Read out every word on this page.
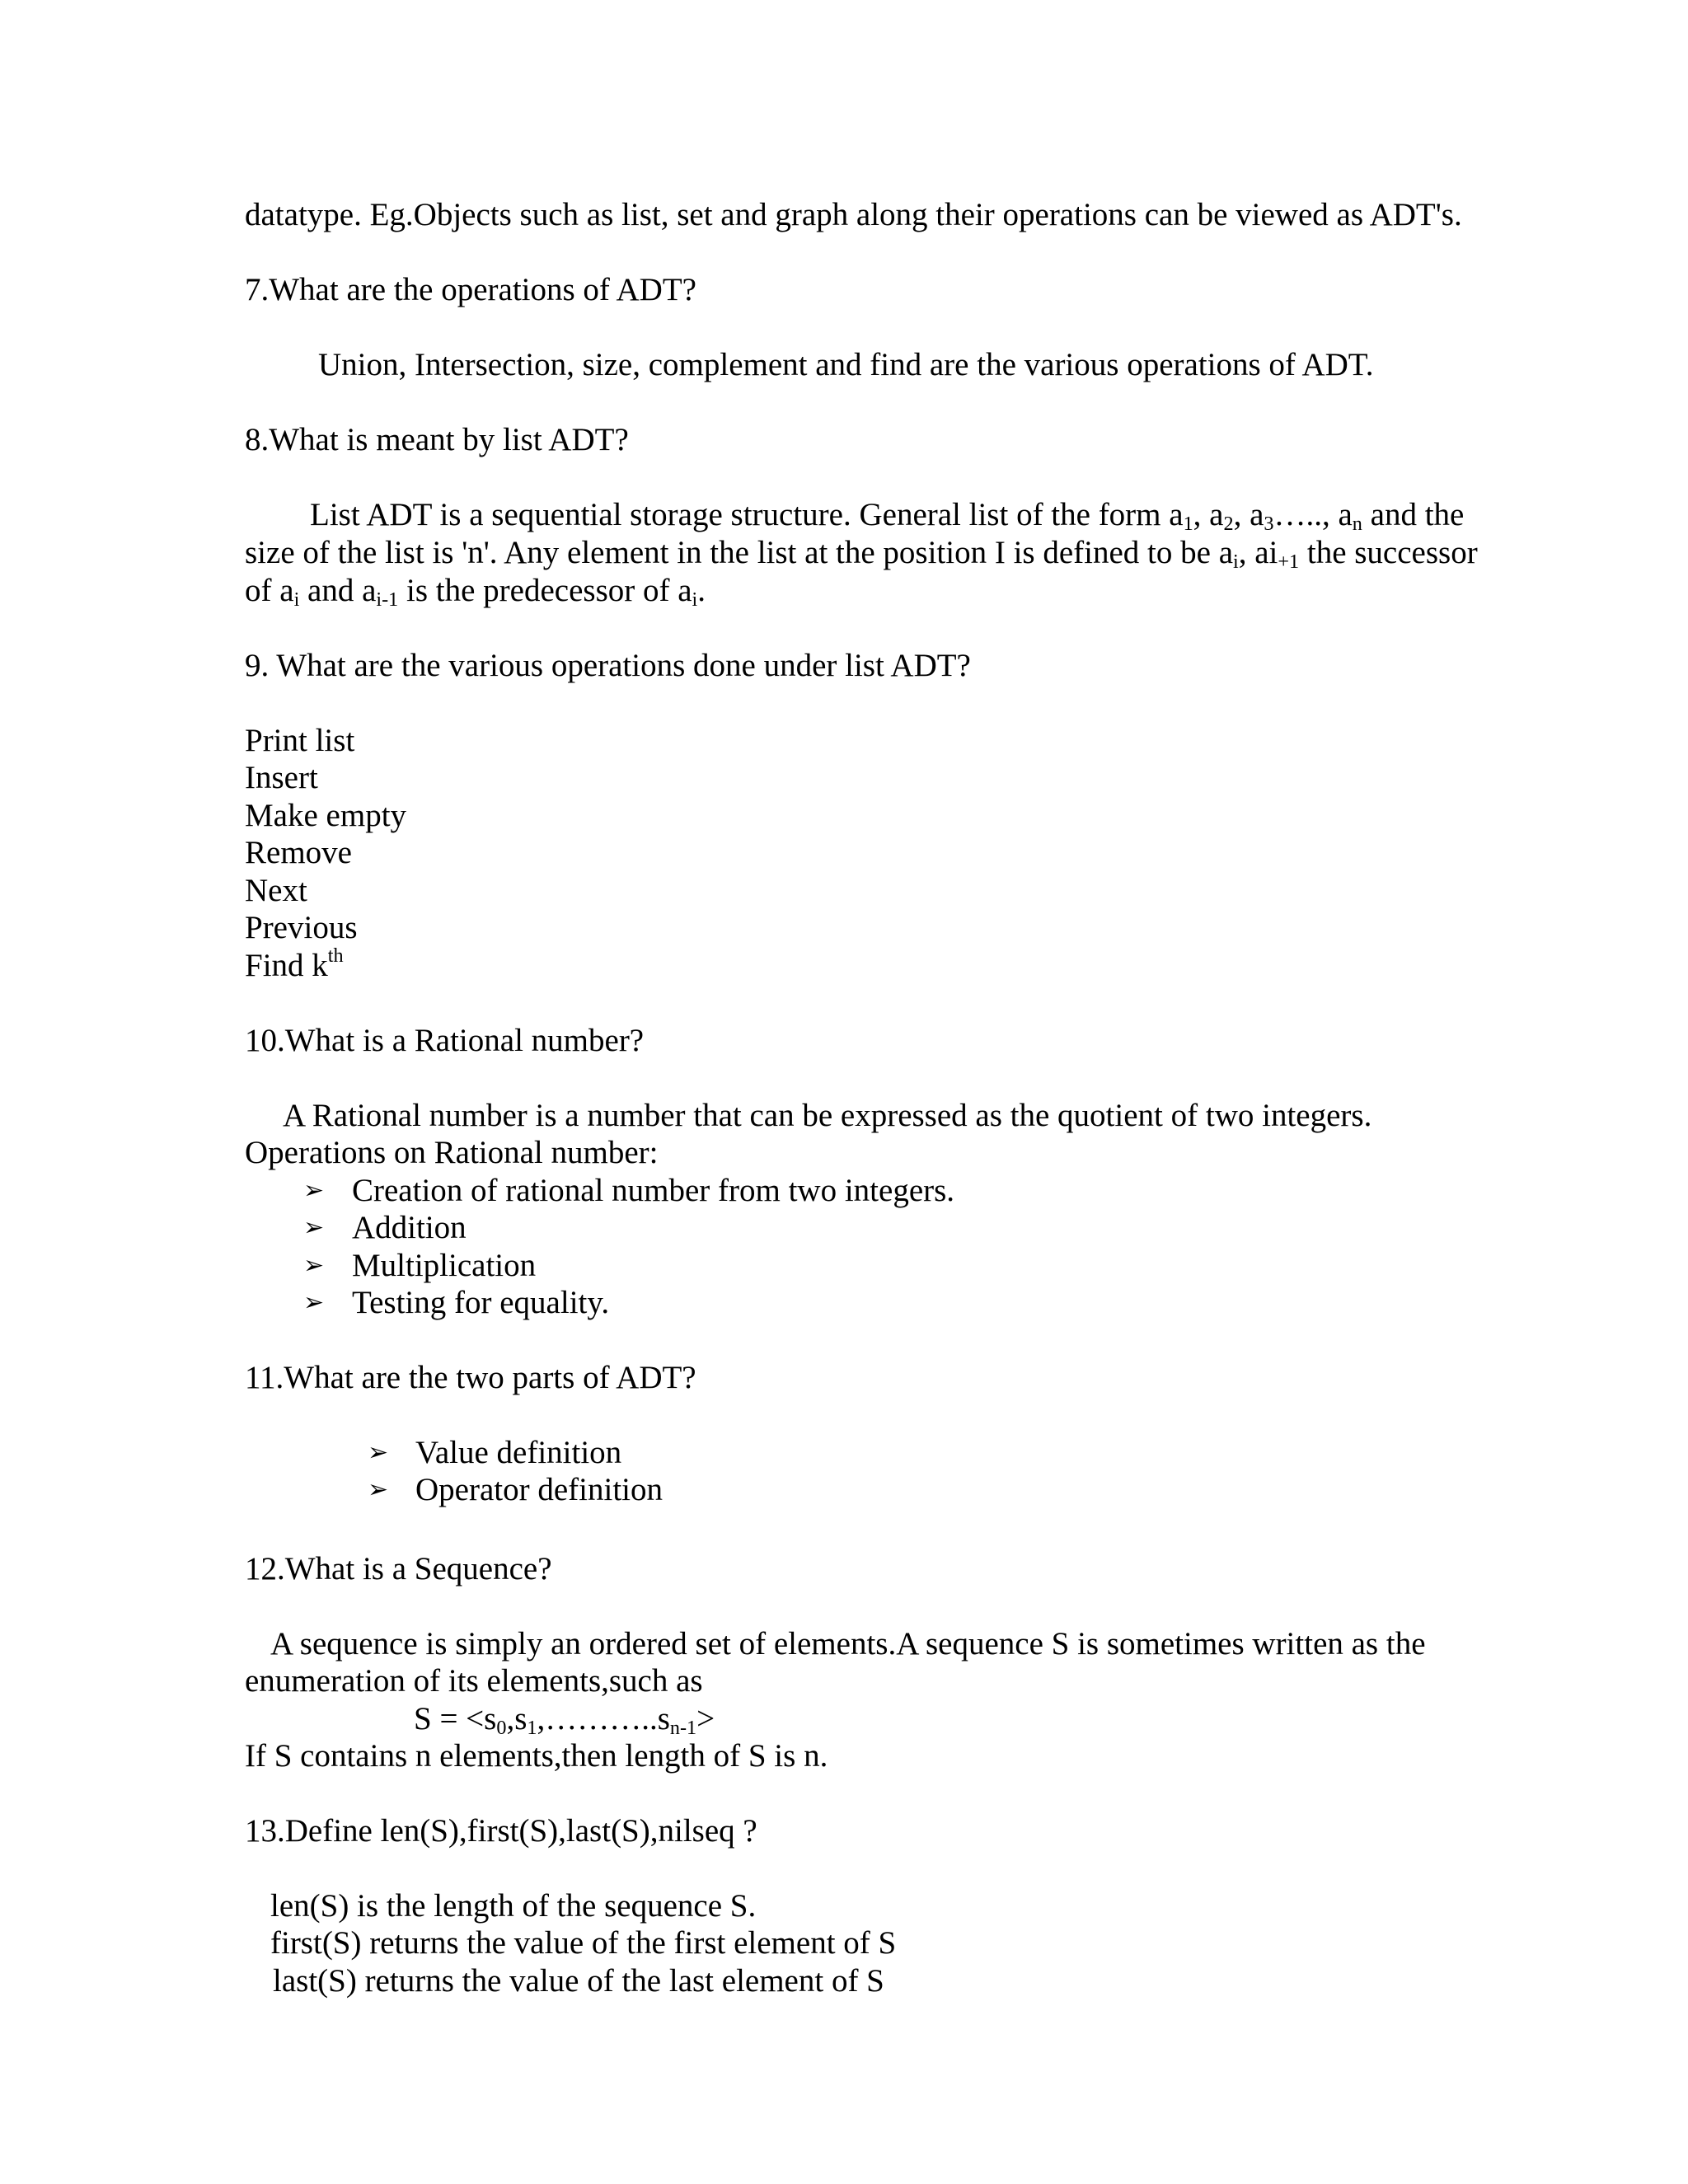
datatype. Eg.Objects such as list, set and graph along their operations can be viewed as ADT's.

7.What are the operations of ADT?

Union, Intersection, size, complement and find are the various operations of ADT.

8.What is meant by list ADT?

List ADT is a sequential storage structure. General list of the form $a_1$, $a_2$, $a_3\dots$.., $a_n$ and the

size of the list is 'n'. Any element in the list at the position I is defined to be $a_i$, $ai_{+1}$ the successor

of $a_i$ and $a_{i-1}$ is the predecessor of $a_i$.

9. What are the various operations done under list ADT?

Print list

Insert

Make empty

Remove

Next

Previous

Find $k^{th}$

10.What is a Rational number?

A Rational number is a number that can be expressed as the quotient of two integers.

Operations on Rational number:

➢ Creation of rational number from two integers.

➢ Addition

➢ Multiplication

➢ Testing for equality.

11.What are the two parts of ADT?

➢ Value definition

➢ Operator definition

12.What is a Sequence?

A sequence is simply an ordered set of elements.A sequence S is sometimes written as the

enumeration of its elements,such as

$S = <s_0,s_1,\dots\dots\dots..s_{n-1}>$

If S contains n elements,then length of S is n.

13.Define len(S),first(S),last(S),nilseq ?

len(S) is the length of the sequence S.

first(S) returns the value of the first element of S

last(S) returns the value of the last element of S
